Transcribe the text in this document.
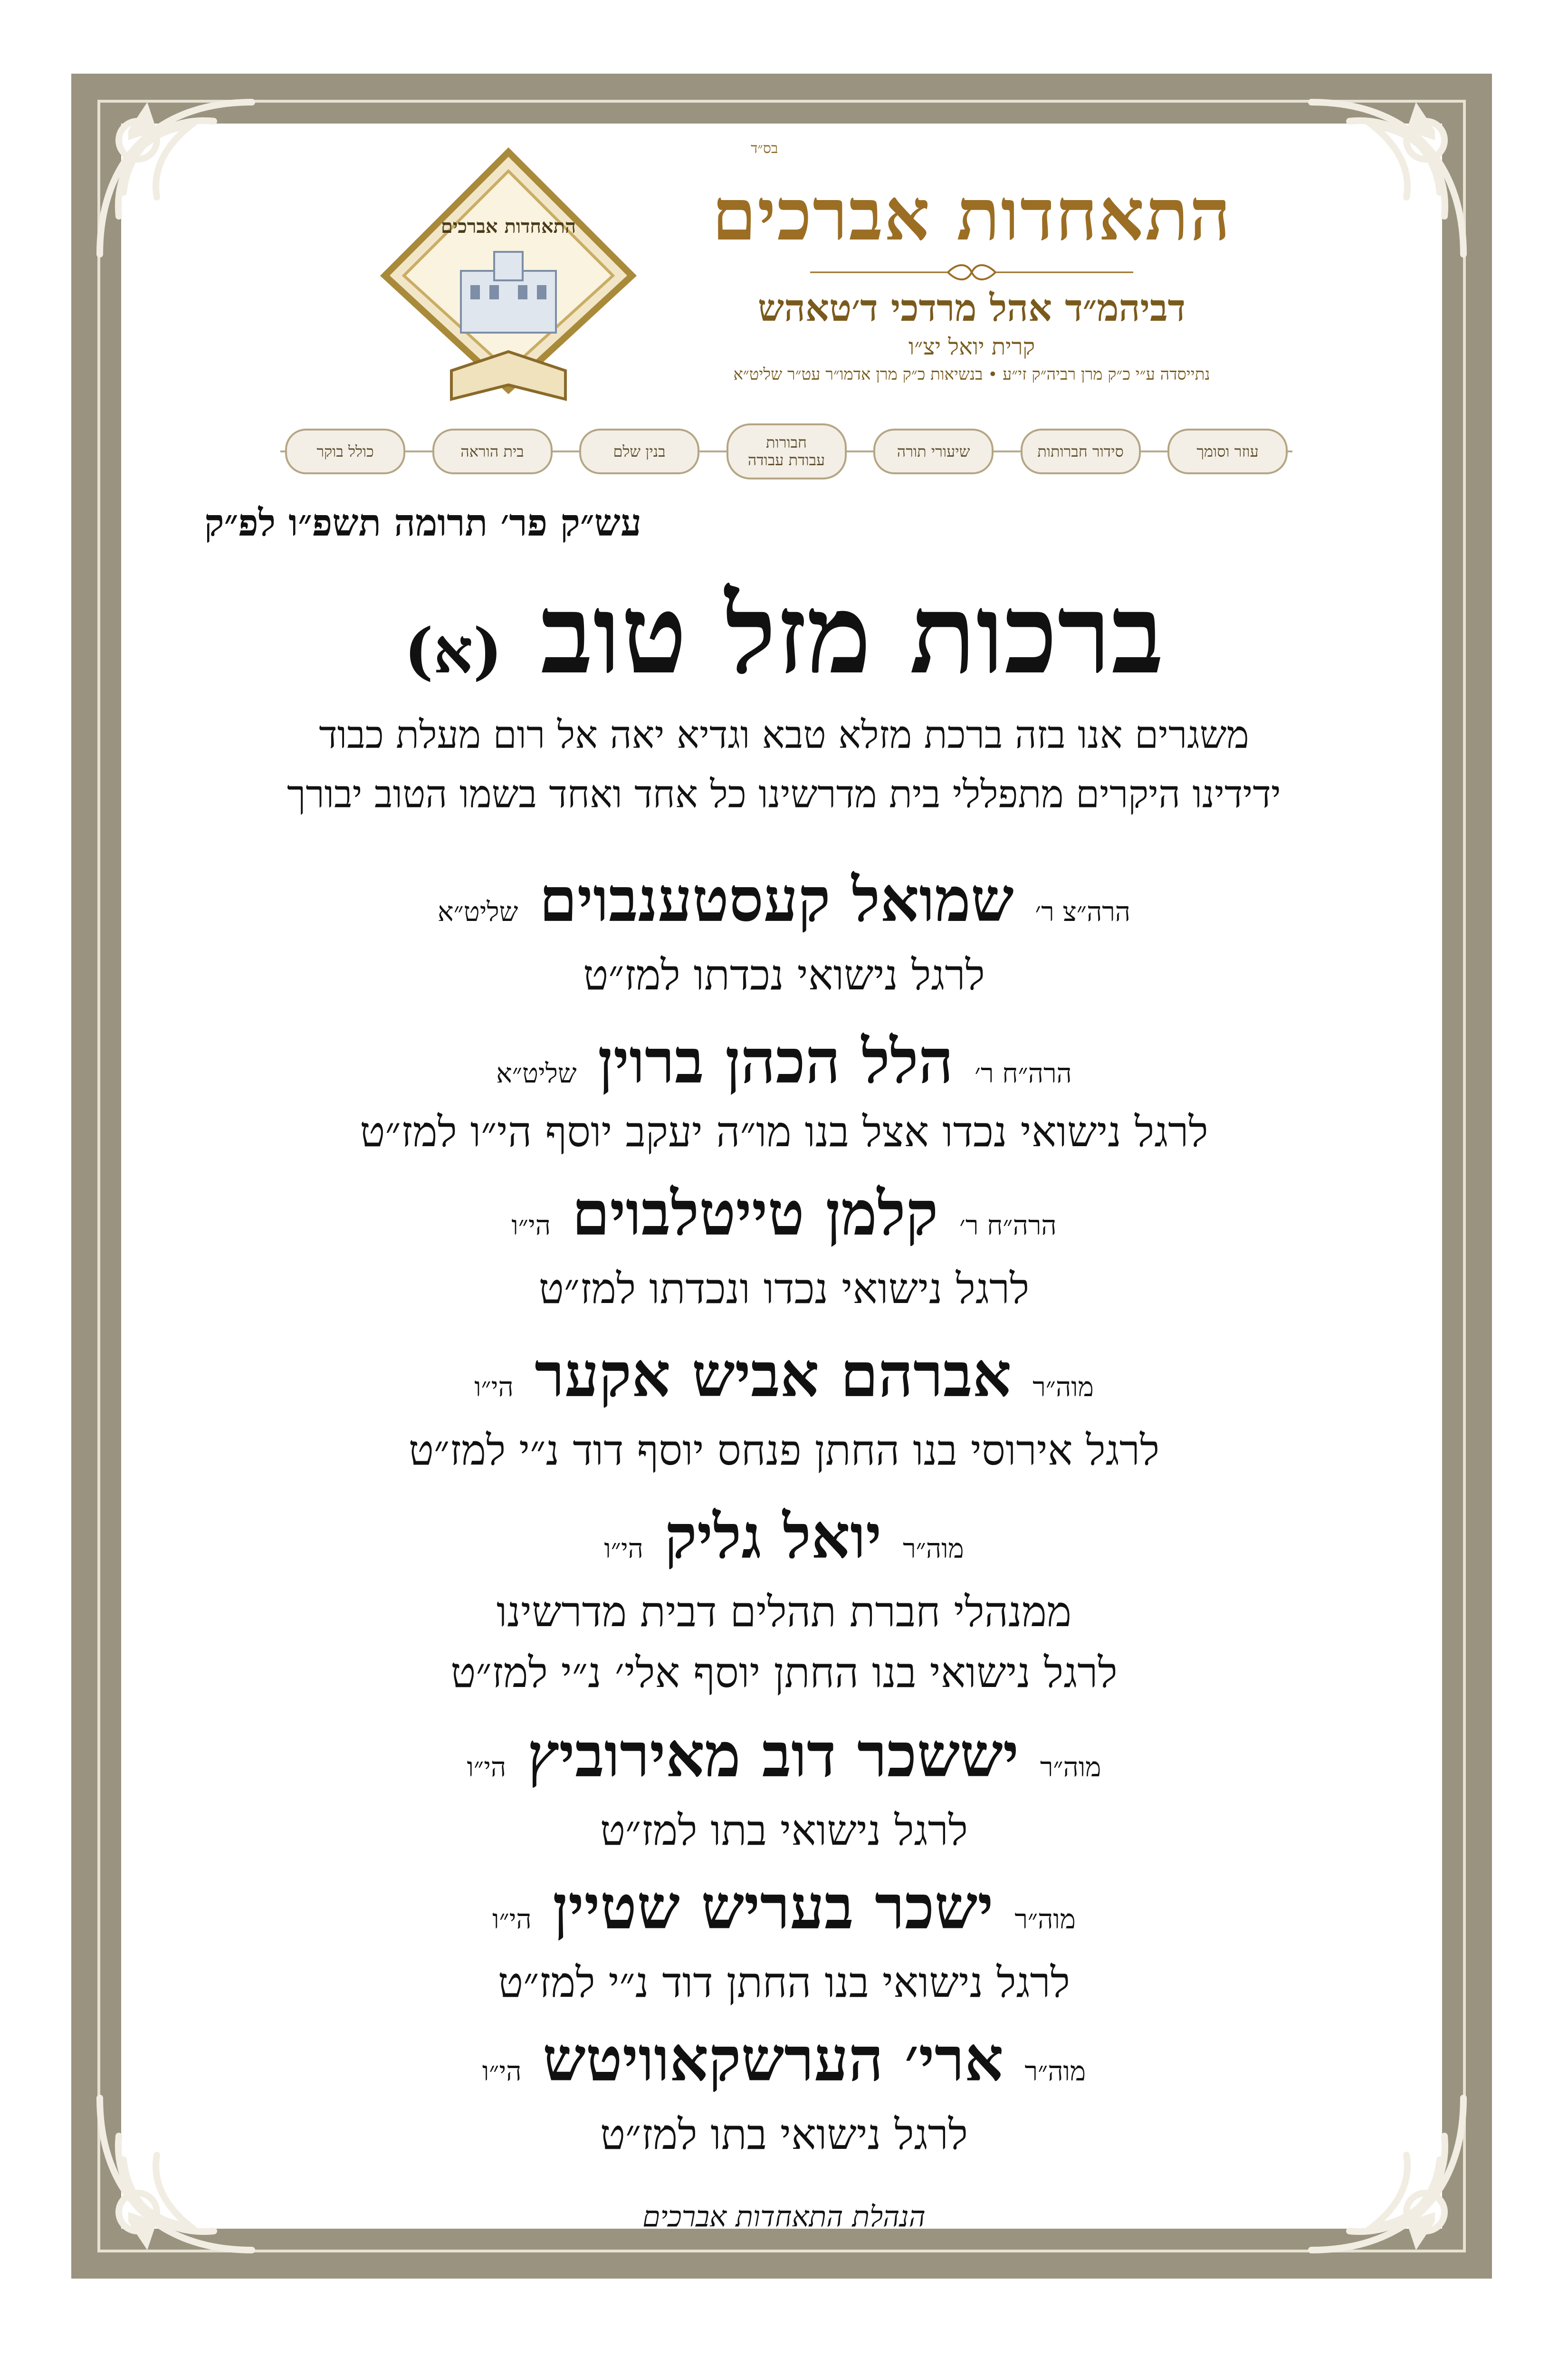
התאחדות אברכים
בס״ד
התאחדות אברכים
דביהמ״ד אהל מרדכי ד׳טאהש
קרית יואל יצ״ו
נתייסדה ע״י כ״ק מרן רביה״ק זי״ע • בנשיאות כ״ק מרן אדמו״ר עט״ר שליט״א
כולל בוקר	בית הוראה	בנין שלם	חבורות
עבודת עבודה	שיעורי תורה	סידור חברותות	עוזר וסומך
עש״ק פר׳ תרומה תשפ״ו לפ״ק
ברכות מזל טוב (א)
משגרים אנו בזה ברכת מזלא טבא וגדיא יאה אל רום מעלת כבוד
ידידינו היקרים מתפללי בית מדרשינו כל אחד ואחד בשמו הטוב יבורך
הרה״צ ר׳ שמואל קעסטענבוים שליט״א
לרגל נישואי נכדתו למז״ט
הרה״ח ר׳ הלל הכהן ברוין שליט״א
לרגל נישואי נכדו אצל בנו מו״ה יעקב יוסף הי״ו למז״ט
הרה״ח ר׳ קלמן טייטלבוים הי״ו
לרגל נישואי נכדו ונכדתו למז״ט
מוה״ר אברהם אביש אקער הי״ו
לרגל אירוסי בנו החתן פנחס יוסף דוד נ״י למז״ט
מוה״ר יואל גליק הי״ו
ממנהלי חברת תהלים דבית מדרשינו
לרגל נישואי בנו החתן יוסף אלי׳ נ״י למז״ט
מוה״ר יששכר דוב מאירוביץ הי״ו
לרגל נישואי בתו למז״ט
מוה״ר ישכר בעריש שטיין הי״ו
לרגל נישואי בנו החתן דוד נ״י למז״ט
מוה״ר ארי׳ הערשקאוויטש הי״ו
לרגל נישואי בתו למז״ט
הנהלת התאחדות אברכים
